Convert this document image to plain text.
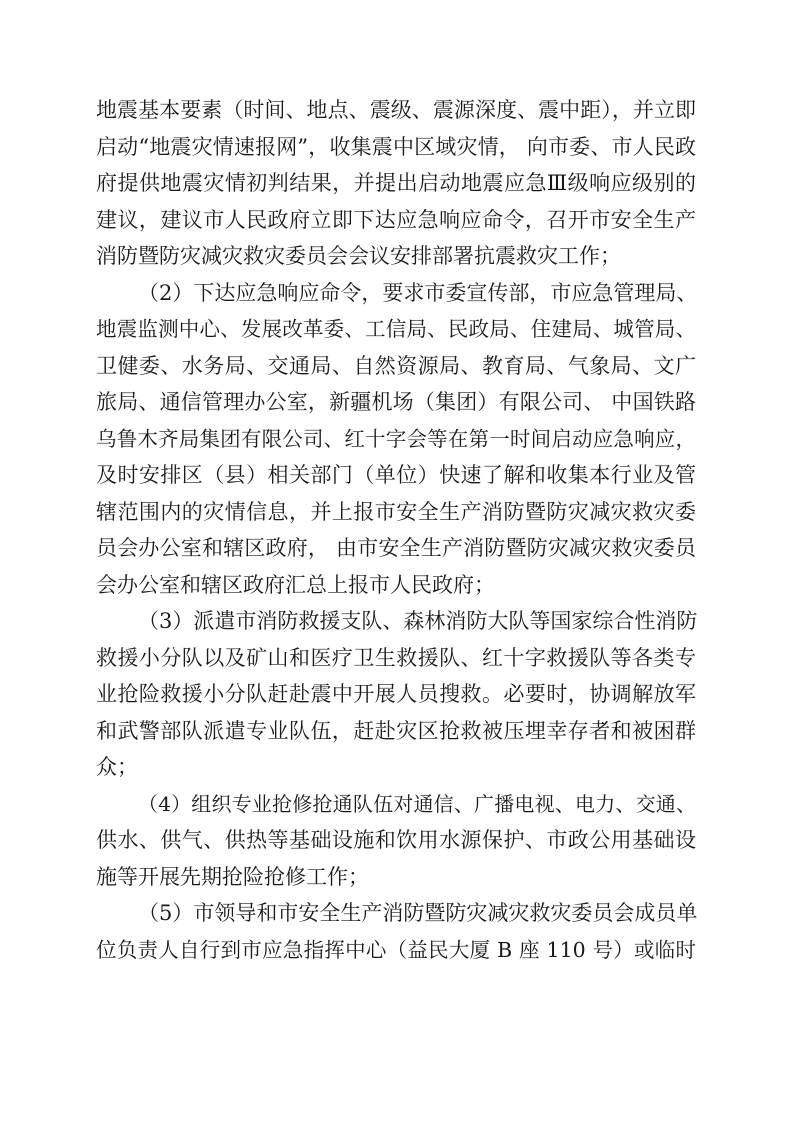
地震基本要素（时间、地点、震级、震源深度、震中距），并立即
启动“地震灾情速报网”，收集震中区域灾情， 向市委、市人民政
府提供地震灾情初判结果，并提出启动地震应急Ⅲ级响应级别的
建议，建议市人民政府立即下达应急响应命令，召开市安全生产
消防暨防灾减灾救灾委员会会议安排部署抗震救灾工作；
（2）下达应急响应命令，要求市委宣传部，市应急管理局、
地震监测中心、发展改革委、工信局、民政局、住建局、城管局、
卫健委、水务局、交通局、自然资源局、教育局、气象局、文广
旅局、通信管理办公室，新疆机场（集团）有限公司、 中国铁路
乌鲁木齐局集团有限公司、红十字会等在第一时间启动应急响应，
及时安排区（县）相关部门（单位）快速了解和收集本行业及管
辖范围内的灾情信息，并上报市安全生产消防暨防灾减灾救灾委
员会办公室和辖区政府， 由市安全生产消防暨防灾减灾救灾委员
会办公室和辖区政府汇总上报市人民政府；
（3）派遣市消防救援支队、森林消防大队等国家综合性消防
救援小分队以及矿山和医疗卫生救援队、红十字救援队等各类专
业抢险救援小分队赶赴震中开展人员搜救。必要时，协调解放军
和武警部队派遣专业队伍，赶赴灾区抢救被压埋幸存者和被困群
众；
（4）组织专业抢修抢通队伍对通信、广播电视、电力、交通、
供水、供气、供热等基础设施和饮用水源保护、市政公用基础设
施等开展先期抢险抢修工作；
（5）市领导和市安全生产消防暨防灾减灾救灾委员会成员单
位负责人自行到市应急指挥中心（益民大厦 B 座 110 号）或临时
